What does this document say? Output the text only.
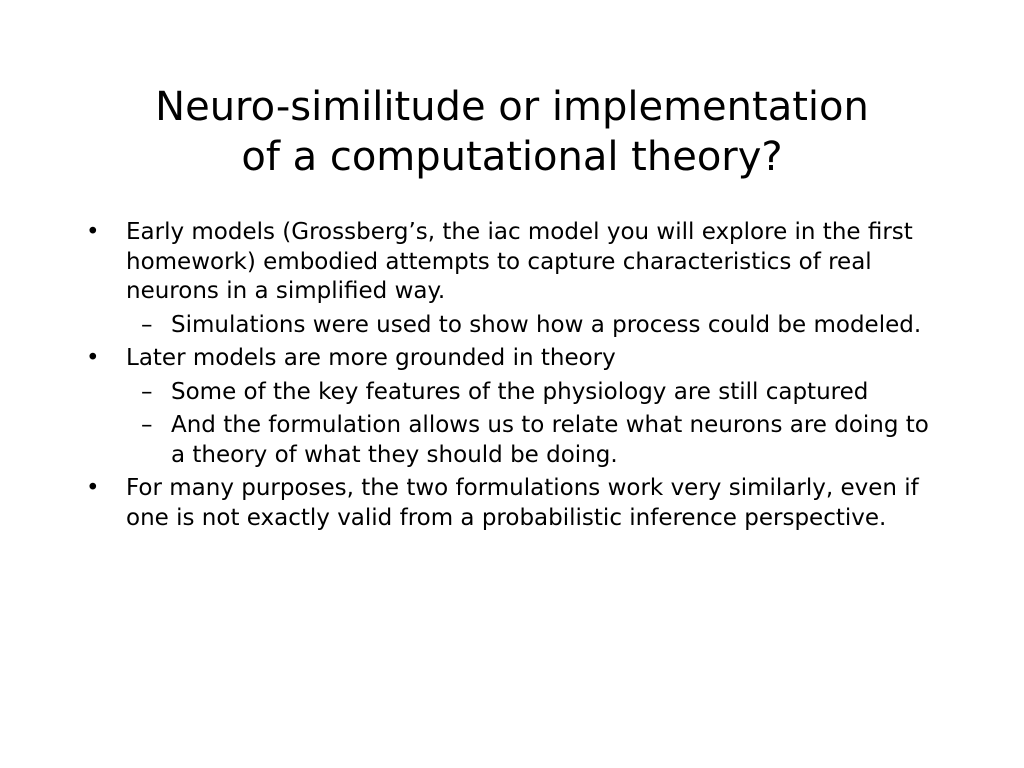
Neuro-similitude or implementation
of a computational theory?
• Early models (Grossberg’s, the iac model you will explore in the first homework) embodied attempts to capture characteristics of real neurons in a simplified way.
– Simulations were used to show how a process could be modeled.
• Later models are more grounded in theory
– Some of the key features of the physiology are still captured
– And the formulation allows us to relate what neurons are doing to a theory of what they should be doing.
• For many purposes, the two formulations work very similarly, even if one is not exactly valid from a probabilistic inference perspective.
